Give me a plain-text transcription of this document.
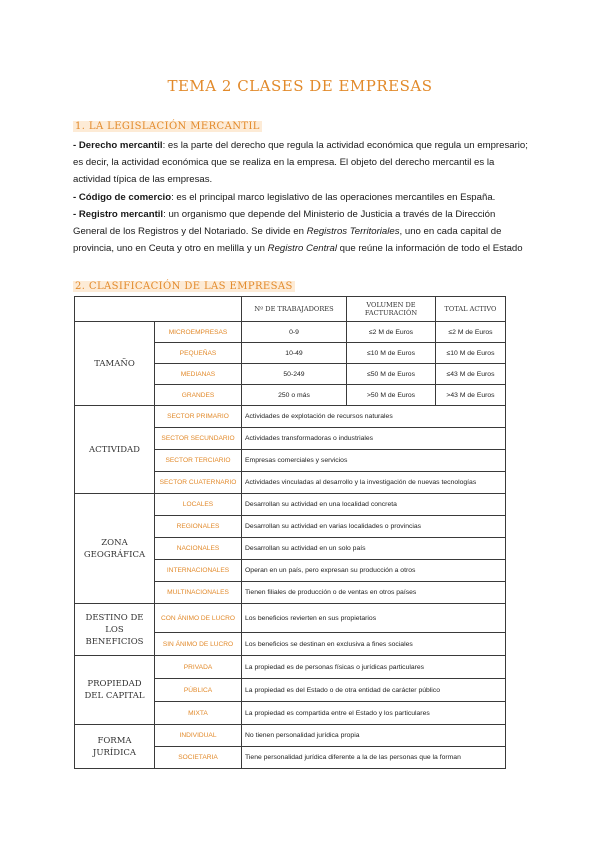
TEMA 2 CLASES DE EMPRESAS
1. LA LEGISLACIÓN MERCANTIL

- Derecho mercantil: es la parte del derecho que regula la actividad económica que regula un empresario; es decir, la actividad económica que se realiza en la empresa. El objeto del derecho mercantil es la actividad típica de las empresas.

- Código de comercio: es el principal marco legislativo de las operaciones mercantiles en España.

- Registro mercantil: un organismo que depende del Ministerio de Justicia a través de la Dirección General de los Registros y del Notariado. Se divide en Registros Territoriales, uno en cada capital de provincia, uno en Ceuta y otro en melilla y un Registro Central que reúne la información de todo el Estado

2. CLASIFICACIÓN DE LAS EMPRESAS
		Nº DE TRABAJADORES	VOLUMEN DE FACTURACIÓN	TOTAL ACTIVO
TAMAÑO	MICROEMPRESAS	0-9	≤2 M de Euros	≤2 M de Euros
	PEQUEÑAS	10-49	≤10 M de Euros	≤10 M de Euros
	MEDIANAS	50-249	≤50 M de Euros	≤43 M de Euros
	GRANDES	250 o más	>50 M de Euros	>43 M de Euros
ACTIVIDAD	SECTOR PRIMARIO	Actividades de explotación de recursos naturales		
	SECTOR SECUNDARIO	Actividades transformadoras o industriales		
	SECTOR TERCIARIO	Empresas comerciales y servicios		
	SECTOR CUATERNARIO	Actividades vinculadas al desarrollo y la investigación de nuevas tecnologías		
ZONA GEOGRÁFICA	LOCALES	Desarrollan su actividad en una localidad concreta		
	REGIONALES	Desarrollan su actividad en varias localidades o provincias		
	NACIONALES	Desarrollan su actividad en un solo país		
	INTERNACIONALES	Operan en un país, pero expresan su producción a otros		
	MULTINACIONALES	Tienen filiales de producción o de ventas en otros países		
DESTINO DE LOS BENEFICIOS	CON ÁNIMO DE LUCRO	Los beneficios revierten en sus propietarios		
	SIN ÁNIMO DE LUCRO	Los beneficios se destinan en exclusiva a fines sociales		
PROPIEDAD DEL CAPITAL	PRIVADA	La propiedad es de personas físicas o jurídicas particulares		
	PÚBLICA	La propiedad es del Estado o de otra entidad de carácter público		
	MIXTA	La propiedad es compartida entre el Estado y los particulares		
FORMA JURÍDICA	INDIVIDUAL	No tienen personalidad jurídica propia		
	SOCIETARIA	Tiene personalidad jurídica diferente a la de las personas que la forman		
